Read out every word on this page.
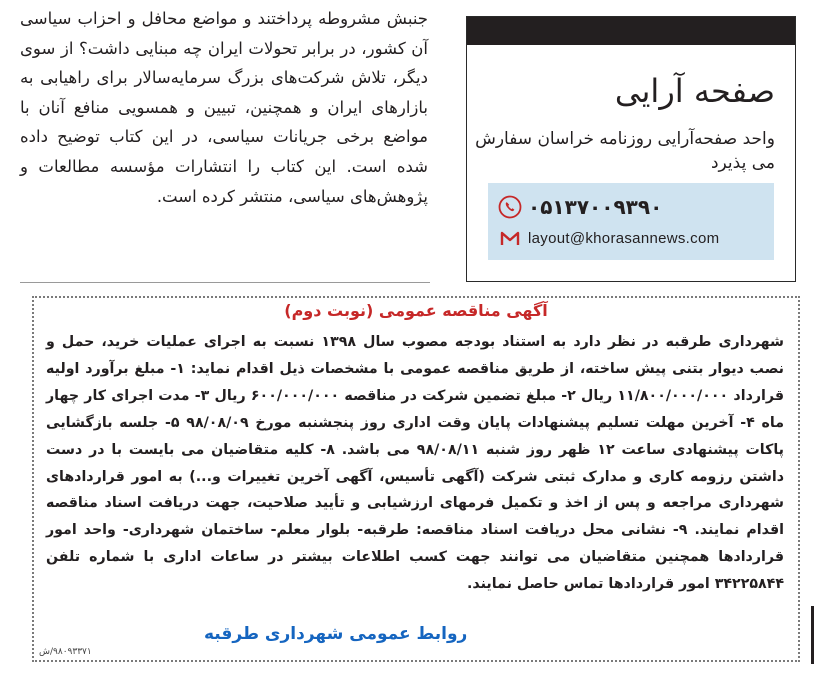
جنبش مشروطه پرداختند و مواضع محافل و احزاب سیاسی آن کشور، در برابر تحولات ایران چه مبنایی داشت؟ از سوی دیگر، تلاش شرکت‌های بزرگ سرمایه‌سالار برای راهیابی به بازارهای ایران و همچنین، تبیین و همسویی منافع آنان با مواضع برخی جریانات سیاسی، در این کتاب توضیح داده شده است. این کتاب را انتشارات مؤسسه مطالعات و پژوهش‌های سیاسی، منتشر کرده است.
صفحه آرایی
واحد صفحه‌آرایی روزنامه خراسان سفارش می پذیرد
۰۵۱۳۷۰۰۹۳۹۰
layout@khorasannews.com
آگهی مناقصه عمومی (نوبت دوم)
شهرداری طرقبه در نظر دارد به استناد بودجه مصوب سال ۱۳۹۸ نسبت به اجرای عملیات خرید، حمل و نصب دیوار بتنی پیش ساخته، از طریق مناقصه عمومی با مشخصات ذیل اقدام نماید: ۱- مبلغ برآورد اولیه قرارداد ۱۱/۸۰۰/۰۰۰/۰۰۰ ریال ۲- مبلغ تضمین شرکت در مناقصه ۶۰۰/۰۰۰/۰۰۰ ریال ۳- مدت اجرای کار چهار ماه ۴- آخرین مهلت تسلیم پیشنهادات پایان وقت اداری روز پنجشنبه مورخ ۹۸/۰۸/۰۹ ۵- جلسه بازگشایی پاکات پیشنهادی ساعت ۱۲ ظهر روز شنبه ۹۸/۰۸/۱۱ می باشد. ۸- کلیه متقاضیان می بایست با در دست داشتن رزومه کاری و مدارک ثبتی شرکت (آگهی تأسیس، آگهی آخرین تغییرات و...) به امور قراردادهای شهرداری مراجعه و پس از اخذ و تکمیل فرمهای ارزشیابی و تأیید صلاحیت، جهت دریافت اسناد مناقصه اقدام نمایند. ۹- نشانی محل دریافت اسناد مناقصه: طرقبه- بلوار معلم- ساختمان شهرداری- واحد امور قراردادها همچنین متقاضیان می توانند جهت کسب اطلاعات بیشتر در ساعات اداری با شماره تلفن ۳۴۲۲۵۸۴۴ امور قراردادها تماس حاصل نمایند.
روابط عمومی شهرداری طرقبه
۹۸۰۹۳۳۷۱/ش
